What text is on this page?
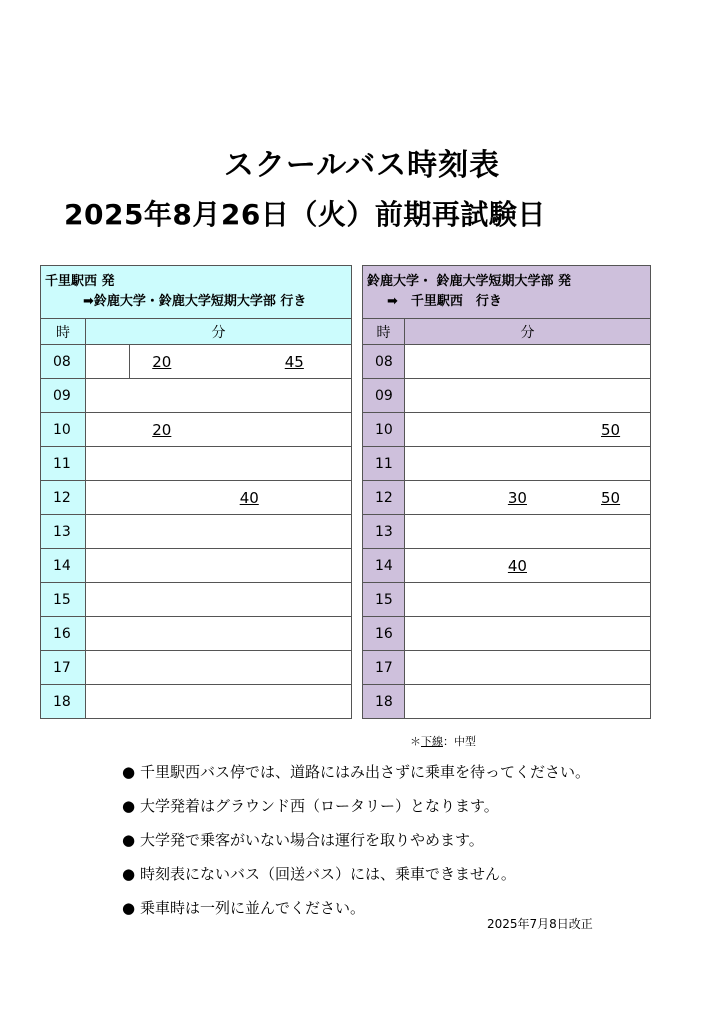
スクールバス時刻表
2025年8月26日（火）前期再試験日
千里駅西 発
➡鈴鹿大学・鈴鹿大学短期大学部 行き	

時	分
08	20 45

09	
10	20

11	
12	40

13	
14	
15	
16	
17	
18	
鈴鹿大学・ 鈴鹿大学短期大学部 発
➡　千里駅西　行き	

時	分
08	
09	
10	50

11	
12	30 50

13	
14	40

15	
16	
17	
18	
＊下線：中型
● 千里駅西バス停では、道路にはみ出さずに乗車を待ってください。
● 大学発着はグラウンド西（ロータリー）となります。
● 大学発で乗客がいない場合は運行を取りやめます。
● 時刻表にないバス（回送バス）には、乗車できません。
● 乗車時は一列に並んでください。
2025年7月8日改正
